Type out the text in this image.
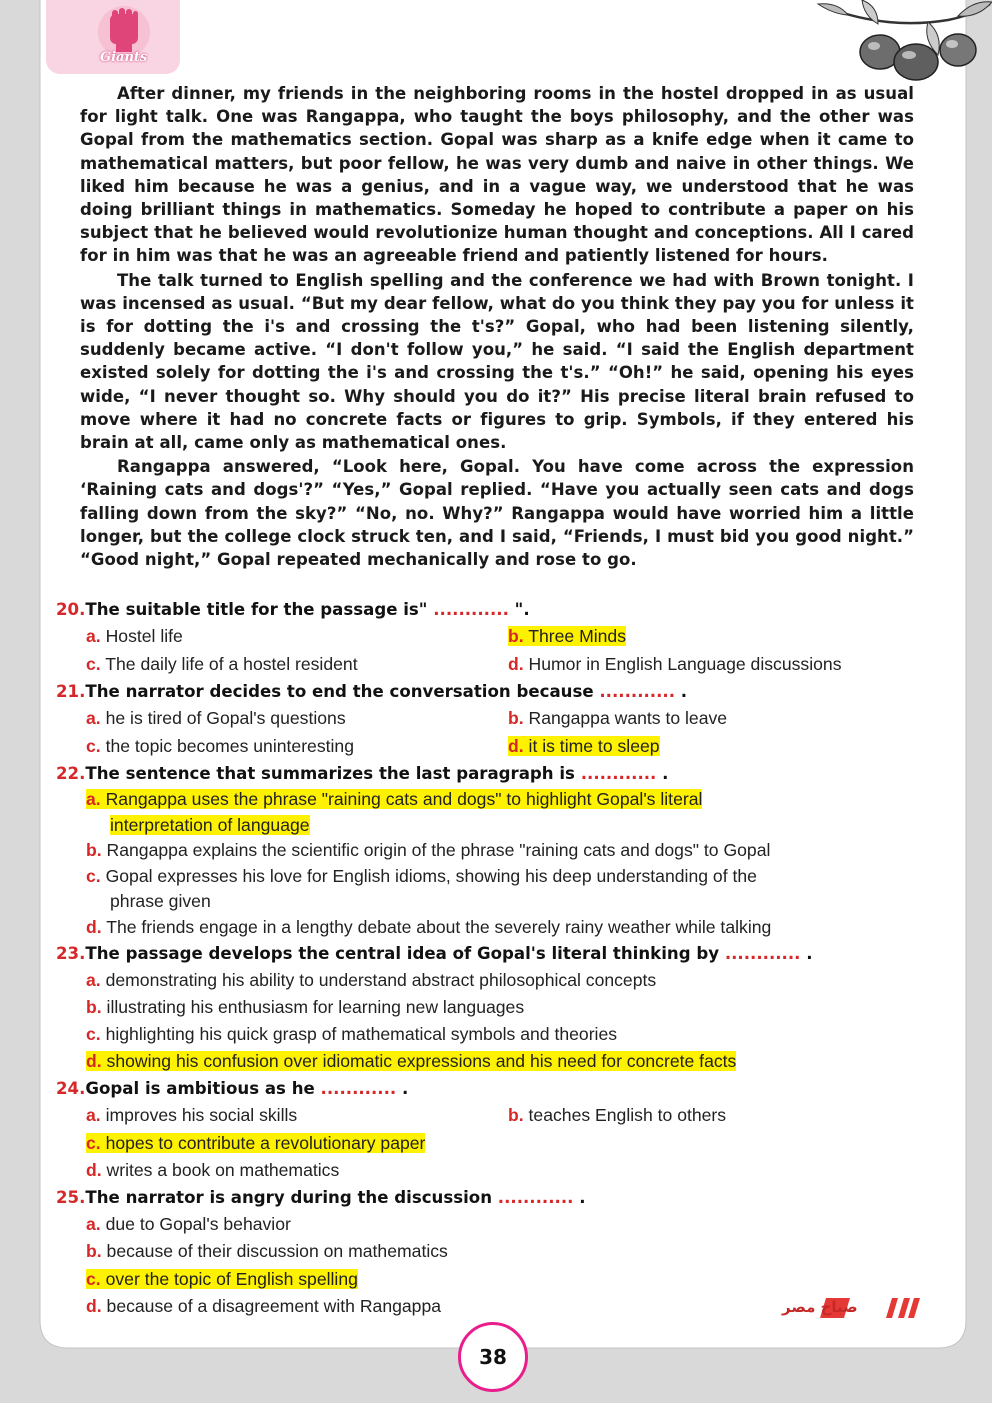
Giants

After dinner, my friends in the neighboring rooms in the hostel dropped in as usual for light talk. One was Rangappa, who taught the boys philosophy, and the other was Gopal from the mathematics section. Gopal was sharp as a knife edge when it came to mathematical matters, but poor fellow, he was very dumb and naive in other things. We liked him because he was a genius, and in a vague way, we understood that he was doing brilliant things in mathematics. Someday he hoped to contribute a paper on his subject that he believed would revolutionize human thought and conceptions. All I cared for in him was that he was an agreeable friend and patiently listened for hours.

The talk turned to English spelling and the conference we had with Brown tonight. I was incensed as usual. “But my dear fellow, what do you think they pay you for unless it is for dotting the i's and crossing the t's?” Gopal, who had been listening silently, suddenly became active. “I don't follow you,” he said. “I said the English department existed solely for dotting the i's and crossing the t's.” “Oh!” he said, opening his eyes wide, “I never thought so. Why should you do it?” His precise literal brain refused to move where it had no concrete facts or figures to grip. Symbols, if they entered his brain at all, came only as mathematical ones.

Rangappa answered, “Look here, Gopal. You have come across the expression ‘Raining cats and dogs'?” “Yes,” Gopal replied. “Have you actually seen cats and dogs falling down from the sky?” “No, no. Why?” Rangappa would have worried him a little longer, but the college clock struck ten, and I said, “Friends, I must bid you good night.” “Good night,” Gopal repeated mechanically and rose to go.

20.The suitable title for the passage is" ............ ".
a. Hostel life	b. Three Minds
c. The daily life of a hostel resident	d. Humor in English Language discussions
21.The narrator decides to end the conversation because ............ .
a. he is tired of Gopal's questions	b. Rangappa wants to leave
c. the topic becomes uninteresting	d. it is time to sleep
22.The sentence that summarizes the last paragraph is ............ .
a. Rangappa uses the phrase "raining cats and dogs" to highlight Gopal's literal
interpretation of language
b. Rangappa explains the scientific origin of the phrase "raining cats and dogs" to Gopal
c. Gopal expresses his love for English idioms, showing his deep understanding of the
phrase given
d. The friends engage in a lengthy debate about the severely rainy weather while talking
23.The passage develops the central idea of Gopal's literal thinking by ............ .
a. demonstrating his ability to understand abstract philosophical concepts
b. illustrating his enthusiasm for learning new languages
c. highlighting his quick grasp of mathematical symbols and theories
d. showing his confusion over idiomatic expressions and his need for concrete facts
24.Gopal is ambitious as he ............ .
a. improves his social skills	b. teaches English to others
c. hopes to contribute a revolutionary paper
d. writes a book on mathematics
25.The narrator is angry during the discussion ............ .
a. due to Gopal's behavior
b. because of their discussion on mathematics
c. over the topic of English spelling
d. because of a disagreement with Rangappa	صباح مصر
38
